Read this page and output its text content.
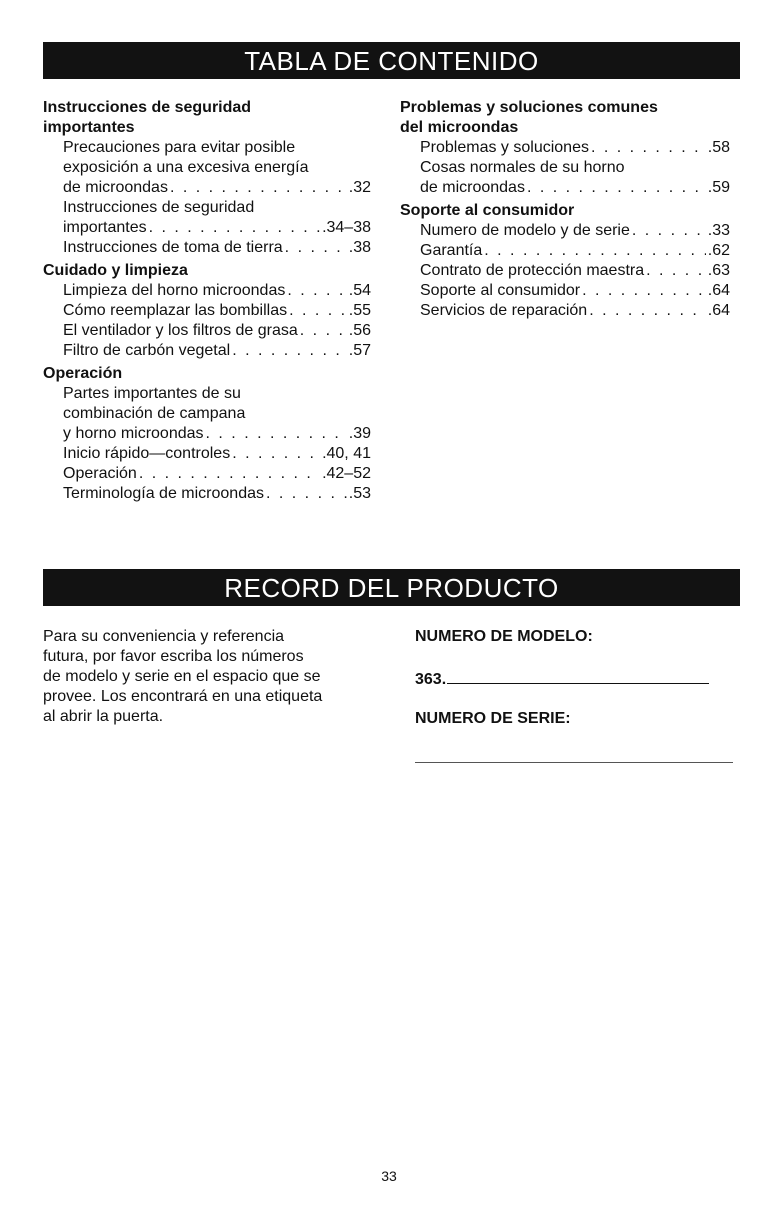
TABLA DE CONTENIDO
Instrucciones de seguridad
importantes
Precauciones para evitar posible
exposición a una excesiva energía
de microondas . . .	.32
Instrucciones de seguridad
importantes . . .	.34–38
Instrucciones de toma de tierra . . .	.38
Cuidado y limpieza
Limpieza del horno microondas . . .	.54
Cómo reemplazar las bombillas . . .	.55
El ventilador y los filtros de grasa . . .	.56
Filtro de carbón vegetal . . .	.57
Operación
Partes importantes de su
combinación de campana
y horno microondas . . .	.39
Inicio rápido—controles . . .	.40, 41
Operación . . .	.42–52
Terminología de microondas . . .	.53
Problemas y soluciones comunes
del microondas
Problemas y soluciones . . .	.58
Cosas normales de su horno
de microondas . . .	.59
Soporte al consumidor
Numero de modelo y de serie . . .	.33
Garantía . . .	.62
Contrato de protección maestra . . .	.63
Soporte al consumidor . . .	.64
Servicios de reparación . . .	.64
RECORD DEL PRODUCTO
Para su conveniencia y referencia
futura, por favor escriba los números
de modelo y serie en el espacio que se
provee. Los encontrará en una etiqueta
al abrir la puerta.
NUMERO DE MODELO:
363.
NUMERO DE SERIE:
33
